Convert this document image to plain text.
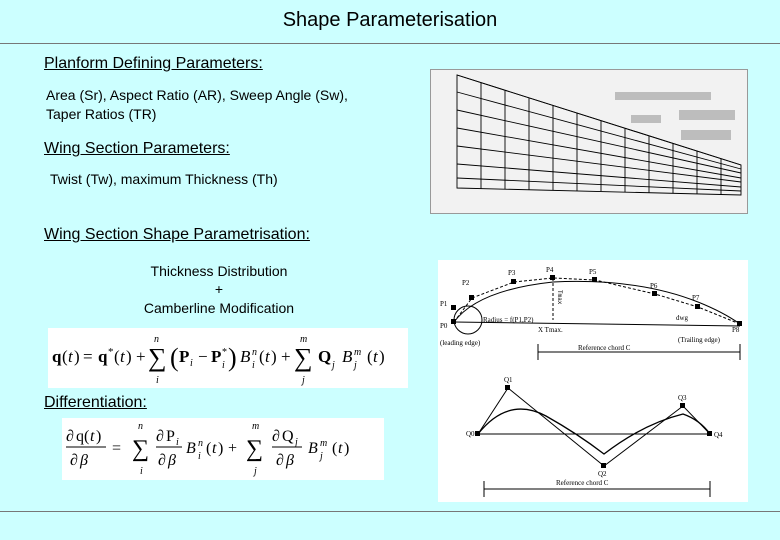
Shape Parameterisation
Planform Defining Parameters:
Area (Sr), Aspect Ratio (AR), Sweep Angle (Sw),
Taper Ratios (TR)
Wing Section Parameters:
Twist (Tw), maximum Thickness (Th)
Wing Section Shape Parametrisation:
Thickness Distribution
+
Camberline Modification
q ( t ) = q * ( t ) +
n
∑
i
( P i − P *
i ) B n
i ( t ) +
m
∑
j
Q j B m
j ( t )
Differentiation:
∂ q( t )
∂ β
=
n
∑
i
∂ P i
∂ β
B n
i ( t ) +
m
∑
j
∂ Q j
∂ β
B m
j ( t )
P2
P3	P4	P5
P6
P7
P8
P1
P0
Radius = f(P1,P2)
X Tmax.
(leading edge)	(Trailing edge)
Reference chord C
dwg
Tmax
Q0
Q1
Q2
Q3
Q4
Reference chord C
